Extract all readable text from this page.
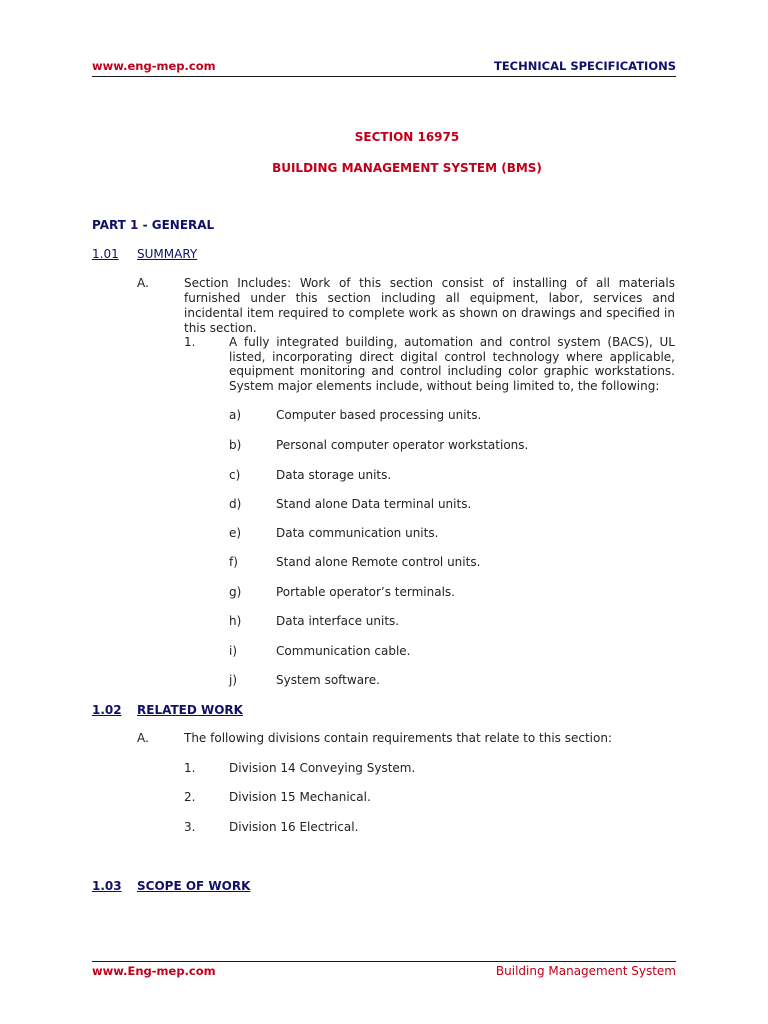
www.eng-mep.com	TECHNICAL SPECIFICATIONS
SECTION 16975
BUILDING MANAGEMENT SYSTEM (BMS)
PART 1 - GENERAL
1.01 SUMMARY
A.	Section Includes: Work of this section consist of installing of all materials furnished under this section including all equipment, labor, services and incidental item required to complete work as shown on drawings and specified in this section.
1.	A fully integrated building, automation and control system (BACS), UL listed, incorporating direct digital control technology where applicable, equipment monitoring and control including color graphic workstations. System major elements include, without being limited to, the following:
a)	Computer based processing units.
b)	Personal computer operator workstations.
c)	Data storage units.
d)	Stand alone Data terminal units.
e)	Data communication units.
f)	Stand alone Remote control units.
g)	Portable operator’s terminals.
h)	Data interface units.
i)	Communication cable.
j)	System software.
1.02 RELATED WORK
A.	The following divisions contain requirements that relate to this section:
1.	Division 14 Conveying System.
2.	Division 15 Mechanical.
3.	Division 16 Electrical.
1.03 SCOPE OF WORK
www.Eng-mep.com	Building Management System
